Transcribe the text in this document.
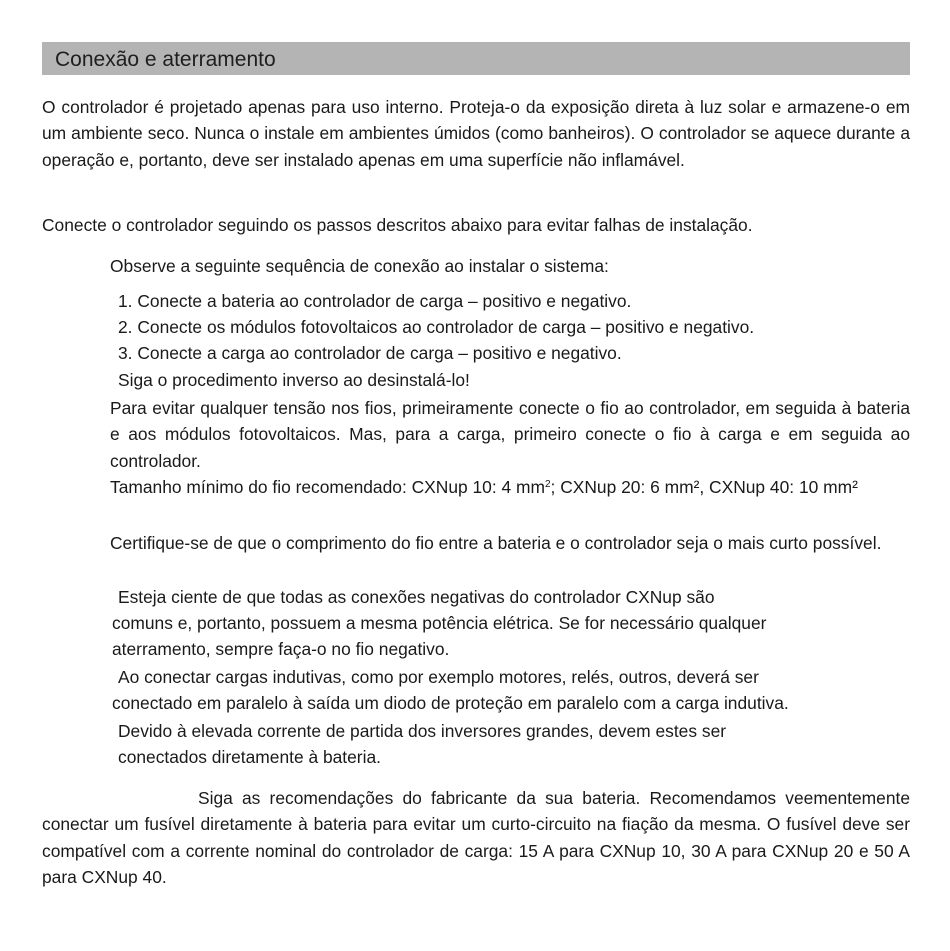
Conexão e aterramento
O controlador é projetado apenas para uso interno. Proteja-o da exposição direta à luz solar e armazene-o em um ambiente seco. Nunca o instale em ambientes úmidos (como banheiros). O controlador se aquece durante a operação e, portanto, deve ser instalado apenas em uma superfície não inflamável.
Conecte o controlador seguindo os passos descritos abaixo para evitar falhas de instalação.
Observe a seguinte sequência de conexão ao instalar o sistema:
1. Conecte a bateria ao controlador de carga – positivo e negativo.
2. Conecte os módulos fotovoltaicos ao controlador de carga – positivo e negativo.
3. Conecte a carga ao controlador de carga – positivo e negativo.
Siga o procedimento inverso ao desinstalá-lo!
Para evitar qualquer tensão nos fios, primeiramente conecte o fio ao controlador, em seguida à bateria e aos módulos fotovoltaicos. Mas, para a carga, primeiro conecte o fio à carga e em seguida ao controlador.
Tamanho mínimo do fio recomendado: CXNup 10: 4 $mm^2$; CXNup 20: 6 mm², CXNup 40: 10 mm²
Certifique-se de que o comprimento do fio entre a bateria e o controlador seja o mais curto possível.
Esteja ciente de que todas as conexões negativas do controlador CXNup são
comuns e, portanto, possuem a mesma potência elétrica. Se for necessário qualquer
aterramento, sempre faça-o no fio negativo.
Ao conectar cargas indutivas, como por exemplo motores, relés, outros, deverá ser
conectado em paralelo à saída um diodo de proteção em paralelo com a carga indutiva.
Devido à elevada corrente de partida dos inversores grandes, devem estes ser
conectados diretamente à bateria.
Siga as recomendações do fabricante da sua bateria. Recomendamos veementemente conectar um fusível diretamente à bateria para evitar um curto-circuito na fiação da mesma. O fusível deve ser compatível com a corrente nominal do controlador de carga: 15 A para CXNup 10, 30 A para CXNup 20 e 50 A para CXNup 40.
